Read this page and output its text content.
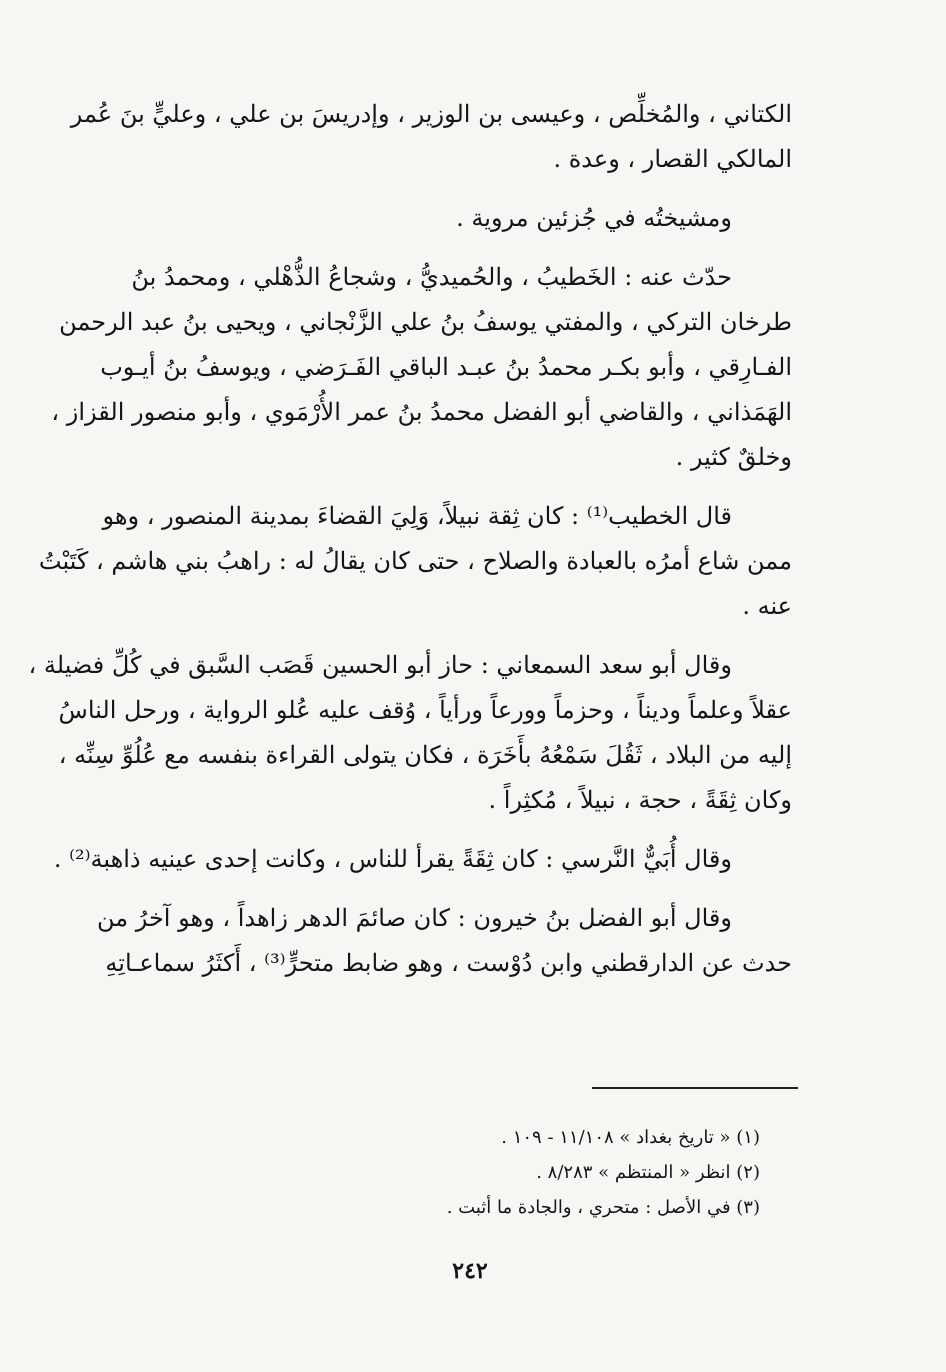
الكتاني ، والمُخلِّص ، وعيسى بن الوزير ، وإدريسَ بن علي ، وعليٍّ بنَ عُمر
المالكي القصار ، وعدة .
ومشيختُه في جُزئين مروية .
حدّث عنه : الخَطيبُ ، والحُميديُّ ، وشجاعُ الذُّهْلي ، ومحمدُ بنُ
طرخان التركي ، والمفتي يوسفُ بنُ علي الزَّنْجاني ، ويحيى بنُ عبد الرحمن
الفـارِقي ، وأبو بكـر محمدُ بنُ عبـد الباقي الفَـرَضي ، ويوسفُ بنُ أيـوب
الهَمَذاني ، والقاضي أبو الفضل محمدُ بنُ عمر الأُرْمَوي ، وأبو منصور القزاز ،
وخلقٌ كثير .
قال الخطيب⁽¹⁾ : كان ثِقة نبيلاً، وَلِيَ القضاءَ بمدينة المنصور ، وهو
ممن شاع أمرُه بالعبادة والصلاح ، حتى كان يقالُ له : راهبُ بني هاشم ، كَتَبْتُ
عنه .
وقال أبو سعد السمعاني : حاز أبو الحسين قَصَب السَّبق في كُلِّ فضيلة ،
عقلاً وعلماً وديناً ، وحزماً وورعاً ورأياً ، وُقف عليه عُلو الرواية ، ورحل الناسُ
إليه من البلاد ، ثَقُلَ سَمْعُهُ بأَخَرَة ، فكان يتولى القراءة بنفسه مع عُلُوِّ سِنِّه ،
وكان ثِقَةً ، حجة ، نبيلاً ، مُكثِراً .
وقال أُبَيٌّ النَّرسي : كان ثِقَةً يقرأ للناس ، وكانت إحدى عينيه ذاهبة⁽²⁾ .
وقال أبو الفضل بنُ خيرون : كان صائمَ الدهر زاهداً ، وهو آخرُ من
حدث عن الدارقطني وابن دُوْست ، وهو ضابط متحرٍّ⁽³⁾ ، أَكثَرُ سماعـاتِهِ
(١) « تاريخ بغداد » ١١/١٠٨ - ١٠٩ .
(٢) انظر « المنتظم » ٨/٢٨٣ .
(٣) في الأصل : متحري ، والجادة ما أثبت .
٢٤٢
